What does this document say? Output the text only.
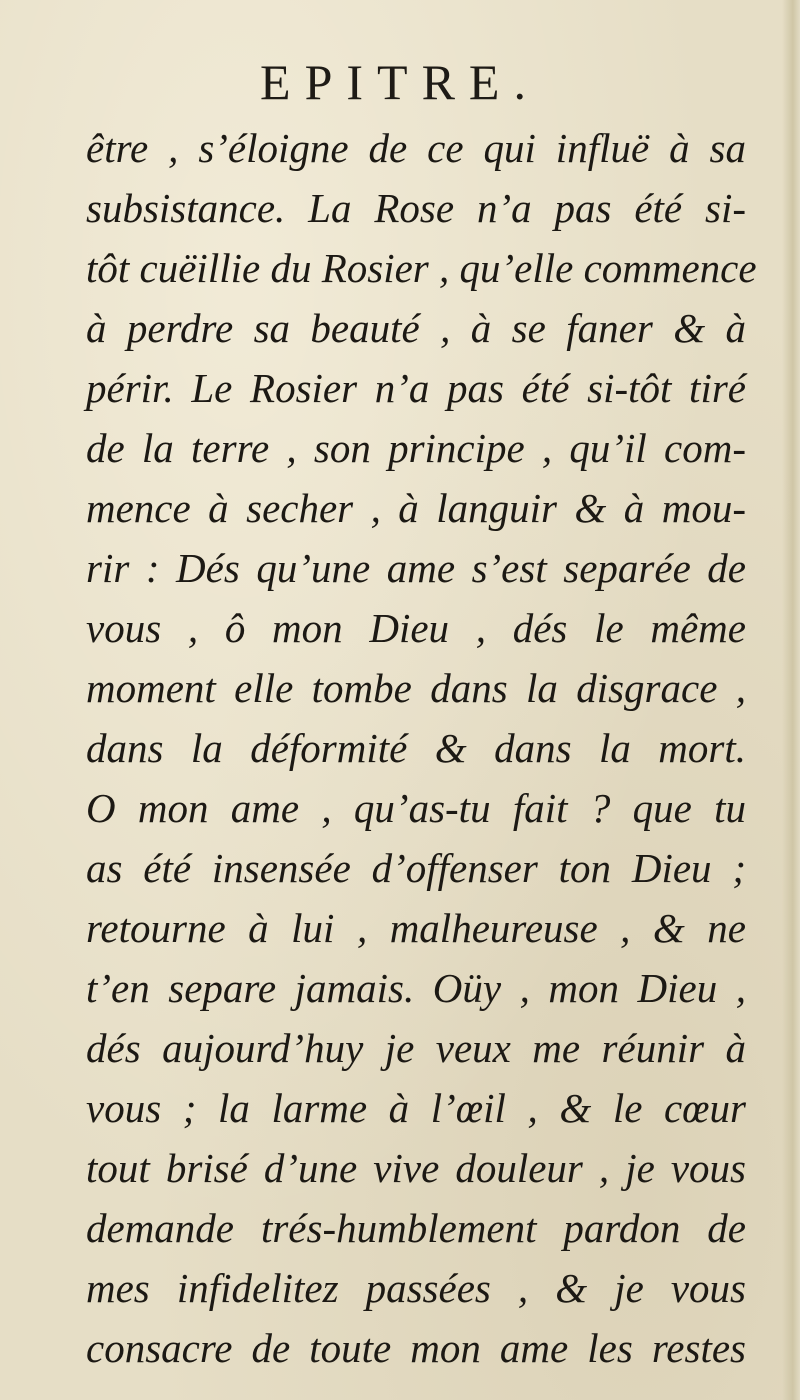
EPITRE.
être , s’éloigne de ce qui influë à sa
subsistance. La Rose n’a pas été si-
tôt cuëillie du Rosier , qu’elle commence
à perdre sa beauté , à se faner & à
périr. Le Rosier n’a pas été si-tôt tiré
de la terre , son principe , qu’il com-
mence à secher , à languir & à mou-
rir : Dés qu’une ame s’est separée de
vous , ô mon Dieu , dés le même
moment elle tombe dans la disgrace ,
dans la déformité & dans la mort.
O mon ame , qu’as-tu fait ? que tu
as été insensée d’offenser ton Dieu ;
retourne à lui , malheureuse , & ne
t’en separe jamais. Oüy , mon Dieu ,
dés aujourd’huy je veux me réunir à
vous ; la larme à l’œil , & le cœur
tout brisé d’une vive douleur , je vous
demande trés-humblement pardon de
mes infidelitez passées , & je vous
consacre de toute mon ame les restes
